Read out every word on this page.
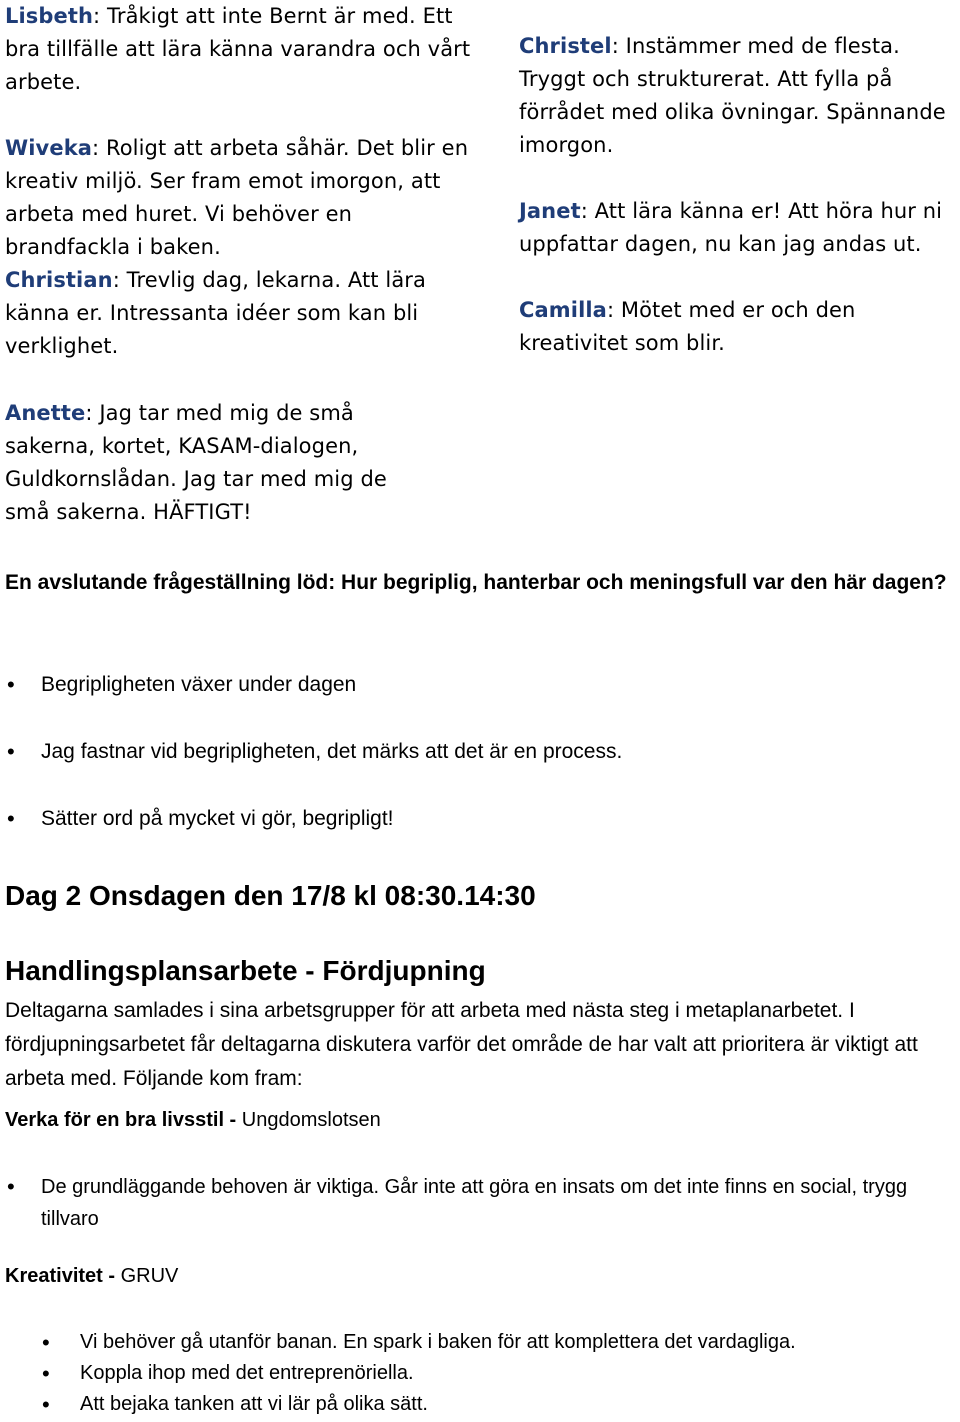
Lisbeth: Tråkigt att inte Bernt är med. Ett bra tillfälle att lära känna varandra och vårt arbete.

Wiveka: Roligt att arbeta såhär. Det blir en kreativ miljö. Ser fram emot imorgon, att arbeta med huret. Vi behöver en brandfackla i baken.

Christian: Trevlig dag, lekarna. Att lära känna er. Intressanta idéer som kan bli verklighet.

Christel: Instämmer med de flesta. Tryggt och strukturerat. Att fylla på förrådet med olika övningar. Spännande imorgon.

Janet: Att lära känna er! Att höra hur ni uppfattar dagen, nu kan jag andas ut.

Camilla: Mötet med er och den kreativitet som blir.

Anette: Jag tar med mig de små sakerna, kortet, KASAM-dialogen, Guldkornslådan. Jag tar med mig de små sakerna. HÄFTIGT!

En avslutande frågeställning löd: Hur begriplig, hanterbar och meningsfull var den här dagen?
• Begripligheten växer under dagen
• Jag fastnar vid begripligheten, det märks att det är en process.
• Sätter ord på mycket vi gör, begripligt!
Dag 2 Onsdagen den 17/8 kl 08:30.14:30
Handlingsplansarbete - Fördjupning
Deltagarna samlades i sina arbetsgrupper för att arbeta med nästa steg i metaplanarbetet. I fördjupningsarbetet får deltagarna diskutera varför det område de har valt att prioritera är viktigt att arbeta med. Följande kom fram:
Verka för en bra livsstil - Ungdomslotsen
• De grundläggande behoven är viktiga. Går inte att göra en insats om det inte finns en social, trygg tillvaro
Kreativitet - GRUV
• Vi behöver gå utanför banan. En spark i baken för att komplettera det vardagliga.
• Koppla ihop med det entreprenöriella.
• Att bejaka tanken att vi lär på olika sätt.
